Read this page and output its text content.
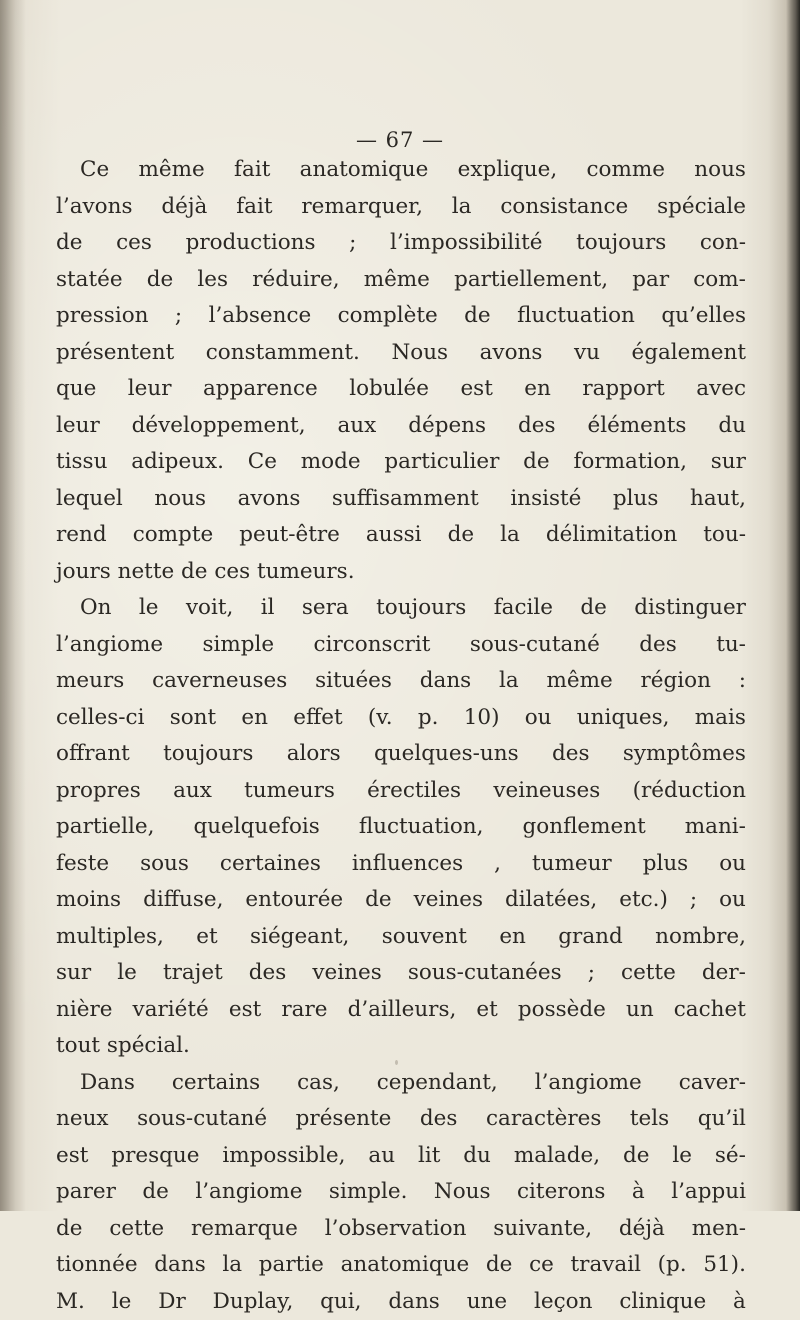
— 67 —
Ce même fait anatomique explique, comme nous
l’avons déjà fait remarquer, la consistance spéciale
de ces productions ; l’impossibilité toujours con-
statée de les réduire, même partiellement, par com-
pression ; l’absence complète de fluctuation qu’elles
présentent constamment. Nous avons vu également
que leur apparence lobulée est en rapport avec
leur développement, aux dépens des éléments du
tissu adipeux. Ce mode particulier de formation, sur
lequel nous avons suffisamment insisté plus haut,
rend compte peut-être aussi de la délimitation tou-
jours nette de ces tumeurs.
On le voit, il sera toujours facile de distinguer
l’angiome simple circonscrit sous-cutané des tu-
meurs caverneuses situées dans la même région :
celles-ci sont en effet (v. p. 10) ou uniques, mais
offrant toujours alors quelques-uns des symptômes
propres aux tumeurs érectiles veineuses (réduction
partielle, quelquefois fluctuation, gonflement mani-
feste sous certaines influences , tumeur plus ou
moins diffuse, entourée de veines dilatées, etc.) ; ou
multiples, et siégeant, souvent en grand nombre,
sur le trajet des veines sous-cutanées ; cette der-
nière variété est rare d’ailleurs, et possède un cachet
tout spécial.
Dans certains cas, cependant, l’angiome caver-
neux sous-cutané présente des caractères tels qu’il
est presque impossible, au lit du malade, de le sé-
parer de l’angiome simple. Nous citerons à l’appui
de cette remarque l’observation suivante, déjà men-
tionnée dans la partie anatomique de ce travail (p. 51).
M. le Dr Duplay, qui, dans une leçon clinique à
